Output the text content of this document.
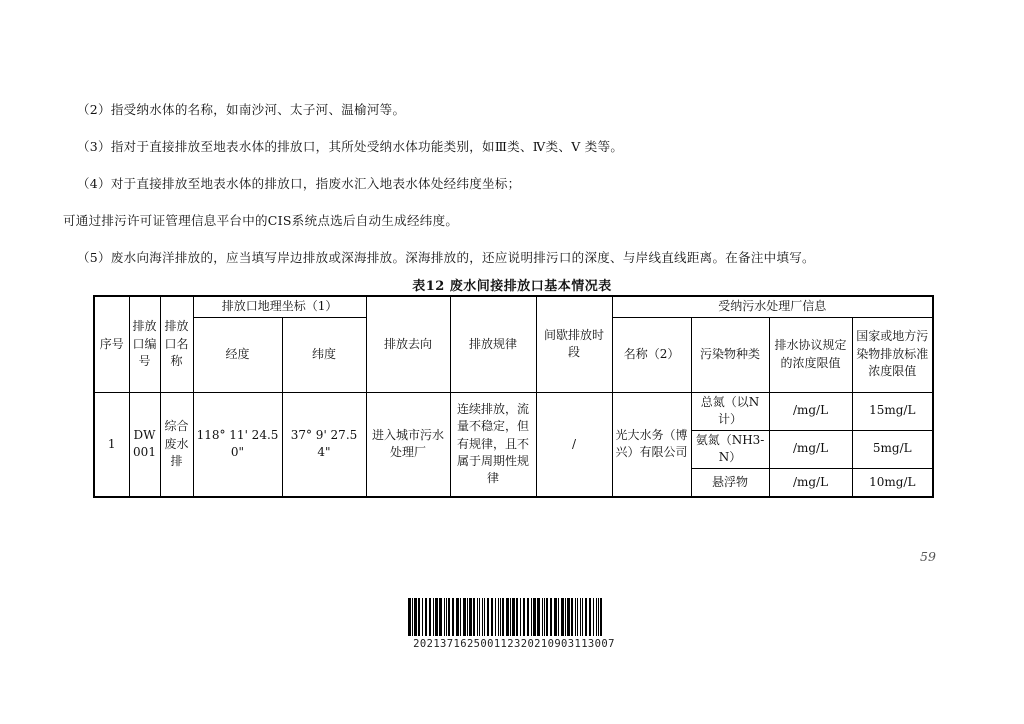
（2）指受纳水体的名称，如南沙河、太子河、温榆河等。

（3）指对于直接排放至地表水体的排放口，其所处受纳水体功能类别，如Ⅲ类、Ⅳ类、Ⅴ 类等。

（4）对于直接排放至地表水体的排放口，指废水汇入地表水体处经纬度坐标；

可通过排污许可证管理信息平台中的CIS系统点选后自动生成经纬度。

（5）废水向海洋排放的，应当填写岸边排放或深海排放。深海排放的，还应说明排污口的深度、与岸线直线距离。在备注中填写。

表12 废水间接排放口基本情况表
序号	排放口编号	排放口名称	排放口地理坐标（1）		排放去向	排放规律	间歇排放时段	受纳污水处理厂信息			
			经度	纬度				名称（2）	污染物种类	排水协议规定的浓度限值	国家或地方污染物排放标准浓度限值
1	DW001	综合废水排	118° 11' 24.50"	37° 9' 27.54"	进入城市污水处理厂	连续排放，流量不稳定，但有规律，且不属于周期性规律	/	光大水务（博兴）有限公司	总氮（以N计）	/mg/L	15mg/L
									氨氮（NH3-N）	/mg/L	5mg/L
									悬浮物	/mg/L	10mg/L
59
202137162500112320210903113007
